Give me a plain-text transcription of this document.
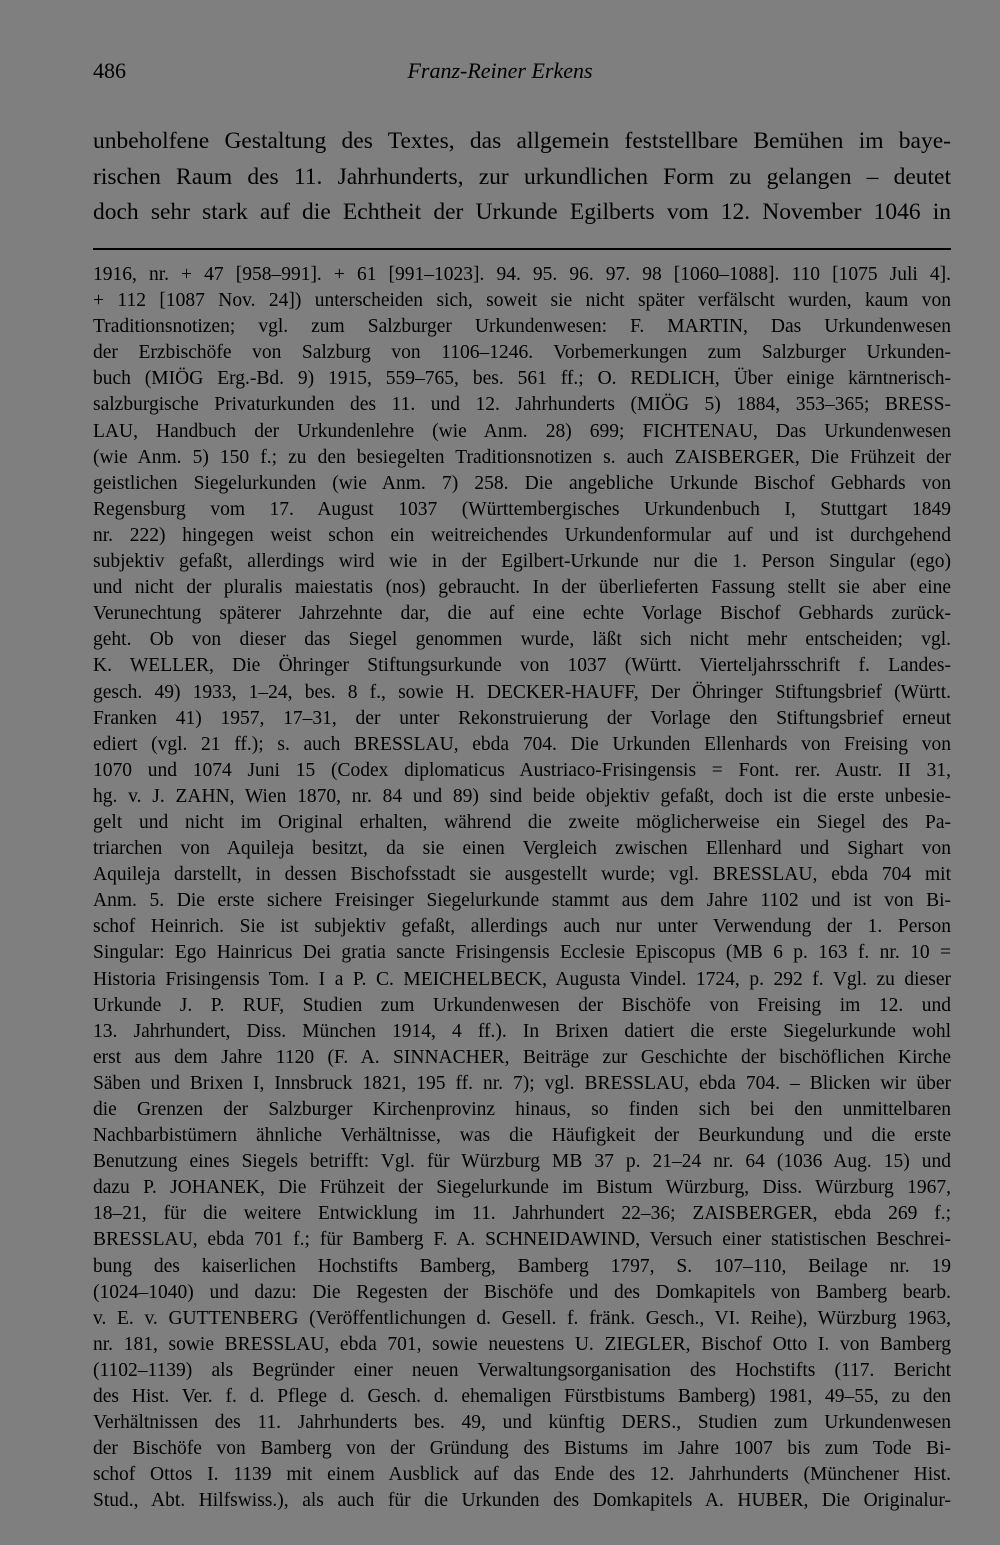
486	Franz-Reiner Erkens
unbeholfene Gestaltung des Textes, das allgemein feststellbare Bemühen im baye-
rischen Raum des 11. Jahrhunderts, zur urkundlichen Form zu gelangen – deutet
doch sehr stark auf die Echtheit der Urkunde Egilberts vom 12. November 1046 in
1916, nr. + 47 [958–991]. + 61 [991–1023]. 94. 95. 96. 97. 98 [1060–1088]. 110 [1075 Juli 4].
+ 112 [1087 Nov. 24]) unterscheiden sich, soweit sie nicht später verfälscht wurden, kaum von
Traditionsnotizen; vgl. zum Salzburger Urkundenwesen: F. MARTIN, Das Urkundenwesen
der Erzbischöfe von Salzburg von 1106–1246. Vorbemerkungen zum Salzburger Urkunden-
buch (MIÖG Erg.-Bd. 9) 1915, 559–765, bes. 561 ff.; O. REDLICH, Über einige kärntnerisch-
salzburgische Privaturkunden des 11. und 12. Jahrhunderts (MIÖG 5) 1884, 353–365; BRESS-
LAU, Handbuch der Urkundenlehre (wie Anm. 28) 699; FICHTENAU, Das Urkundenwesen
(wie Anm. 5) 150 f.; zu den besiegelten Traditionsnotizen s. auch ZAISBERGER, Die Frühzeit der
geistlichen Siegelurkunden (wie Anm. 7) 258. Die angebliche Urkunde Bischof Gebhards von
Regensburg vom 17. August 1037 (Württembergisches Urkundenbuch I, Stuttgart 1849
nr. 222) hingegen weist schon ein weitreichendes Urkundenformular auf und ist durchgehend
subjektiv gefaßt, allerdings wird wie in der Egilbert-Urkunde nur die 1. Person Singular (ego)
und nicht der pluralis maiestatis (nos) gebraucht. In der überlieferten Fassung stellt sie aber eine
Verunechtung späterer Jahrzehnte dar, die auf eine echte Vorlage Bischof Gebhards zurück-
geht. Ob von dieser das Siegel genommen wurde, läßt sich nicht mehr entscheiden; vgl.
K. WELLER, Die Öhringer Stiftungsurkunde von 1037 (Württ. Vierteljahrsschrift f. Landes-
gesch. 49) 1933, 1–24, bes. 8 f., sowie H. DECKER-HAUFF, Der Öhringer Stiftungsbrief (Württ.
Franken 41) 1957, 17–31, der unter Rekonstruierung der Vorlage den Stiftungsbrief erneut
ediert (vgl. 21 ff.); s. auch BRESSLAU, ebda 704. Die Urkunden Ellenhards von Freising von
1070 und 1074 Juni 15 (Codex diplomaticus Austriaco-Frisingensis = Font. rer. Austr. II 31,
hg. v. J. ZAHN, Wien 1870, nr. 84 und 89) sind beide objektiv gefaßt, doch ist die erste unbesie-
gelt und nicht im Original erhalten, während die zweite möglicherweise ein Siegel des Pa-
triarchen von Aquileja besitzt, da sie einen Vergleich zwischen Ellenhard und Sighart von
Aquileja darstellt, in dessen Bischofsstadt sie ausgestellt wurde; vgl. BRESSLAU, ebda 704 mit
Anm. 5. Die erste sichere Freisinger Siegelurkunde stammt aus dem Jahre 1102 und ist von Bi-
schof Heinrich. Sie ist subjektiv gefaßt, allerdings auch nur unter Verwendung der 1. Person
Singular: Ego Hainricus Dei gratia sancte Frisingensis Ecclesie Episcopus (MB 6 p. 163 f. nr. 10 =
Historia Frisingensis Tom. I a P. C. MEICHELBECK, Augusta Vindel. 1724, p. 292 f. Vgl. zu dieser
Urkunde J. P. RUF, Studien zum Urkundenwesen der Bischöfe von Freising im 12. und
13. Jahrhundert, Diss. München 1914, 4 ff.). In Brixen datiert die erste Siegelurkunde wohl
erst aus dem Jahre 1120 (F. A. SINNACHER, Beiträge zur Geschichte der bischöflichen Kirche
Säben und Brixen I, Innsbruck 1821, 195 ff. nr. 7); vgl. BRESSLAU, ebda 704. – Blicken wir über
die Grenzen der Salzburger Kirchenprovinz hinaus, so finden sich bei den unmittelbaren
Nachbarbistümern ähnliche Verhältnisse, was die Häufigkeit der Beurkundung und die erste
Benutzung eines Siegels betrifft: Vgl. für Würzburg MB 37 p. 21–24 nr. 64 (1036 Aug. 15) und
dazu P. JOHANEK, Die Frühzeit der Siegelurkunde im Bistum Würzburg, Diss. Würzburg 1967,
18–21, für die weitere Entwicklung im 11. Jahrhundert 22–36; ZAISBERGER, ebda 269 f.;
BRESSLAU, ebda 701 f.; für Bamberg F. A. SCHNEIDAWIND, Versuch einer statistischen Beschrei-
bung des kaiserlichen Hochstifts Bamberg, Bamberg 1797, S. 107–110, Beilage nr. 19
(1024–1040) und dazu: Die Regesten der Bischöfe und des Domkapitels von Bamberg bearb.
v. E. v. GUTTENBERG (Veröffentlichungen d. Gesell. f. fränk. Gesch., VI. Reihe), Würzburg 1963,
nr. 181, sowie BRESSLAU, ebda 701, sowie neuestens U. ZIEGLER, Bischof Otto I. von Bamberg
(1102–1139) als Begründer einer neuen Verwaltungsorganisation des Hochstifts (117. Bericht
des Hist. Ver. f. d. Pflege d. Gesch. d. ehemaligen Fürstbistums Bamberg) 1981, 49–55, zu den
Verhältnissen des 11. Jahrhunderts bes. 49, und künftig DERS., Studien zum Urkundenwesen
der Bischöfe von Bamberg von der Gründung des Bistums im Jahre 1007 bis zum Tode Bi-
schof Ottos I. 1139 mit einem Ausblick auf das Ende des 12. Jahrhunderts (Münchener Hist.
Stud., Abt. Hilfswiss.), als auch für die Urkunden des Domkapitels A. HUBER, Die Originalur-
